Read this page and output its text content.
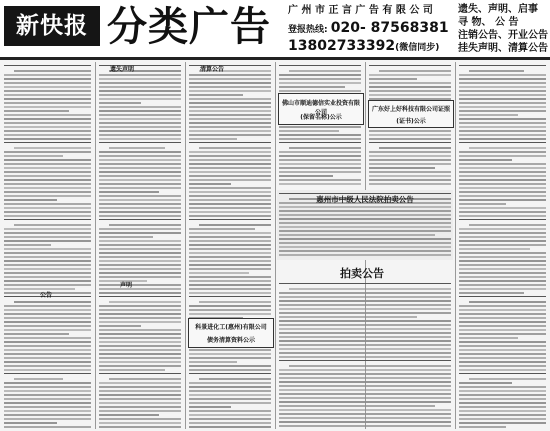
新快报 分类广告 广 州 市 正 言 广 告 有 限 公 司
登报热线: 020- 87568381
13802733392(微信同步)
遗失、声明、启事
寻 物、 公 告
注销公告、开业公告
挂失声明、清算公告
佛山市顺迪德信实业投资有限公司
(保留名称)公示
广东好上好科技有限公司证照
(证书)公示
惠州市中级人民法院拍卖公告
拍卖公告
科景进化工(惠州)有限公司
债务清算资料公示
遗失声明	清算公告
声明
公告
